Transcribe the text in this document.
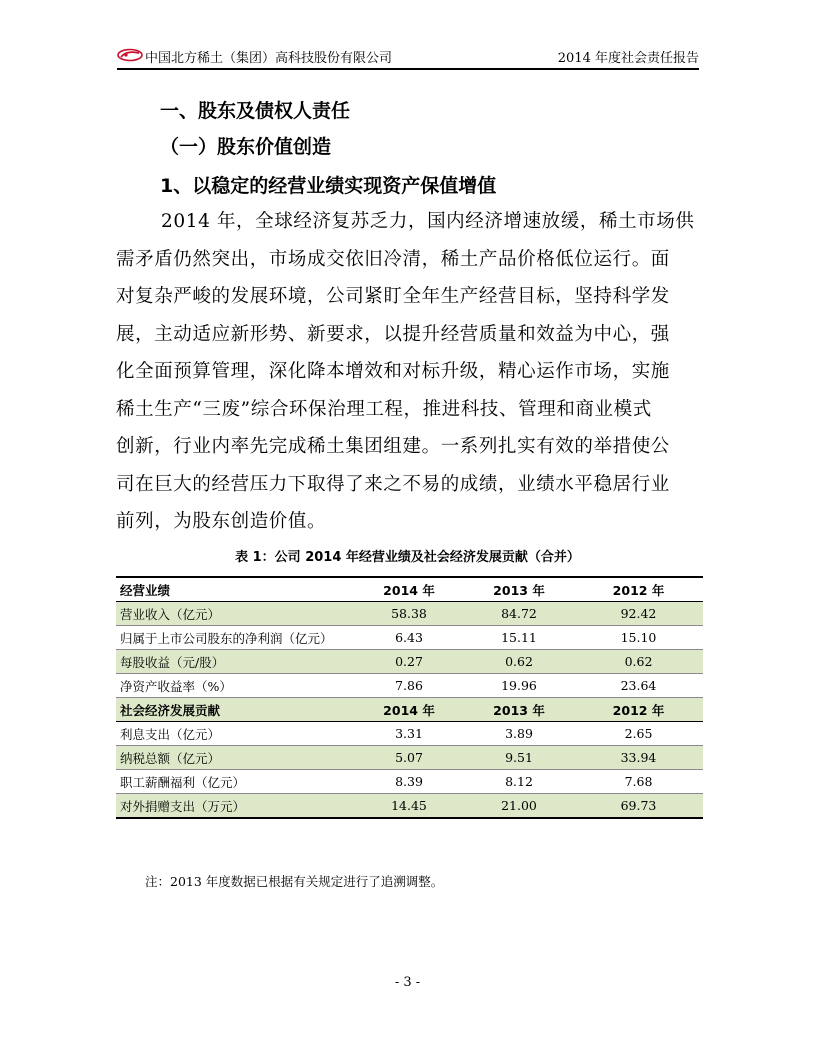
中国北方稀土（集团）高科技股份有限公司	2014 年度社会责任报告
一、股东及债权人责任
（一）股东价值创造
1、以稳定的经营业绩实现资产保值增值
2014 年，全球经济复苏乏力，国内经济增速放缓，稀土市场供
需矛盾仍然突出，市场成交依旧冷清，稀土产品价格低位运行。面
对复杂严峻的发展环境，公司紧盯全年生产经营目标，坚持科学发
展，主动适应新形势、新要求，以提升经营质量和效益为中心，强
化全面预算管理，深化降本增效和对标升级，精心运作市场，实施
稀土生产“三废”综合环保治理工程，推进科技、管理和商业模式
创新，行业内率先完成稀土集团组建。一系列扎实有效的举措使公
司在巨大的经营压力下取得了来之不易的成绩，业绩水平稳居行业
前列，为股东创造价值。
表 1：公司 2014 年经营业绩及社会经济发展贡献（合并）
经营业绩	2014 年	2013 年	2012 年
营业收入（亿元）	58.38	84.72	92.42
归属于上市公司股东的净利润（亿元）	6.43	15.11	15.10
每股收益（元/股）	0.27	0.62	0.62
净资产收益率（%）	7.86	19.96	23.64
社会经济发展贡献	2014 年	2013 年	2012 年
利息支出（亿元）	3.31	3.89	2.65
纳税总额（亿元）	5.07	9.51	33.94
职工薪酬福利（亿元）	8.39	8.12	7.68
对外捐赠支出（万元）	14.45	21.00	69.73
注：2013 年度数据已根据有关规定进行了追溯调整。
- 3 -
